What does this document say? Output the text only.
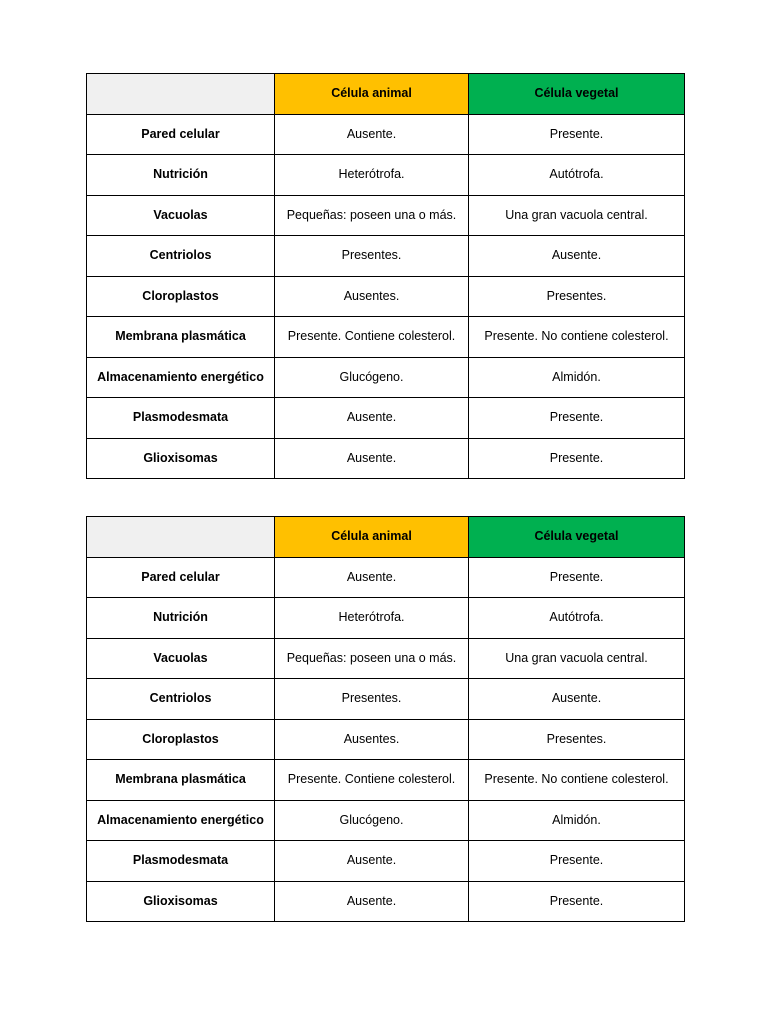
	Célula animal	Célula vegetal
Pared celular	Ausente.	Presente.
Nutrición	Heterótrofa.	Autótrofa.
Vacuolas	Pequeñas: poseen una o más.	Una gran vacuola central.
Centriolos	Presentes.	Ausente.
Cloroplastos	Ausentes.	Presentes.
Membrana plasmática	Presente. Contiene colesterol.	Presente. No contiene colesterol.
Almacenamiento energético	Glucógeno.	Almidón.
Plasmodesmata	Ausente.	Presente.
Glioxisomas	Ausente.	Presente.
	Célula animal	Célula vegetal
Pared celular	Ausente.	Presente.
Nutrición	Heterótrofa.	Autótrofa.
Vacuolas	Pequeñas: poseen una o más.	Una gran vacuola central.
Centriolos	Presentes.	Ausente.
Cloroplastos	Ausentes.	Presentes.
Membrana plasmática	Presente. Contiene colesterol.	Presente. No contiene colesterol.
Almacenamiento energético	Glucógeno.	Almidón.
Plasmodesmata	Ausente.	Presente.
Glioxisomas	Ausente.	Presente.
